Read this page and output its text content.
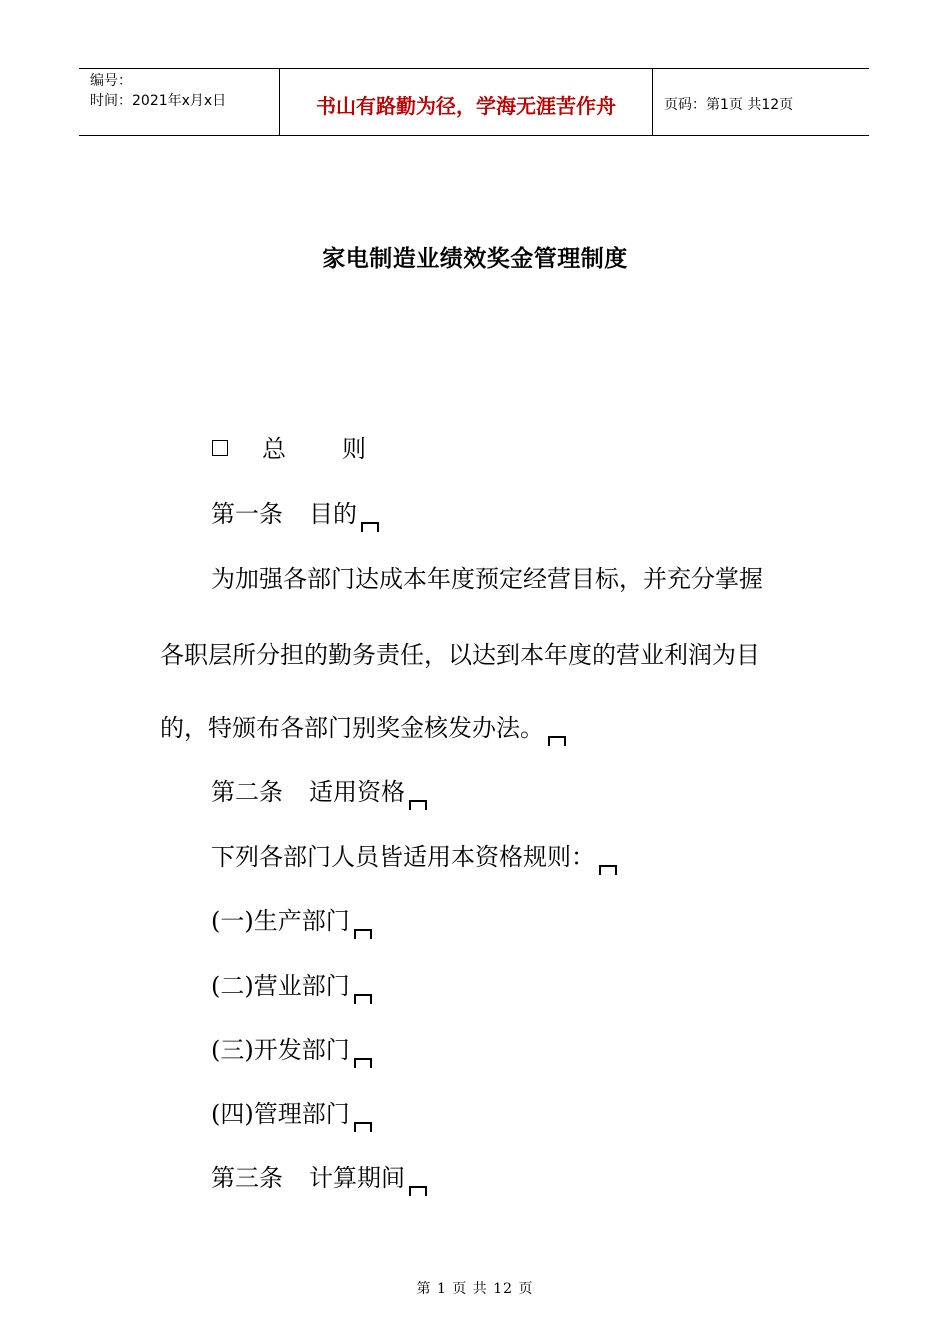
编号：
时间：2021年x月x日	书山有路勤为径，学海无涯苦作舟	页码：第1页 共12页
家电制造业绩效奖金管理制度
总 则
第一条 目的
为加强各部门达成本年度预定经营目标，并充分掌握
各职层所分担的勤务责任，以达到本年度的营业利润为目
的，特颁布各部门别奖金核发办法。
第二条 适用资格
下列各部门人员皆适用本资格规则：
(一)生产部门
(二)营业部门
(三)开发部门
(四)管理部门
第三条 计算期间
第 1 页 共 12 页
